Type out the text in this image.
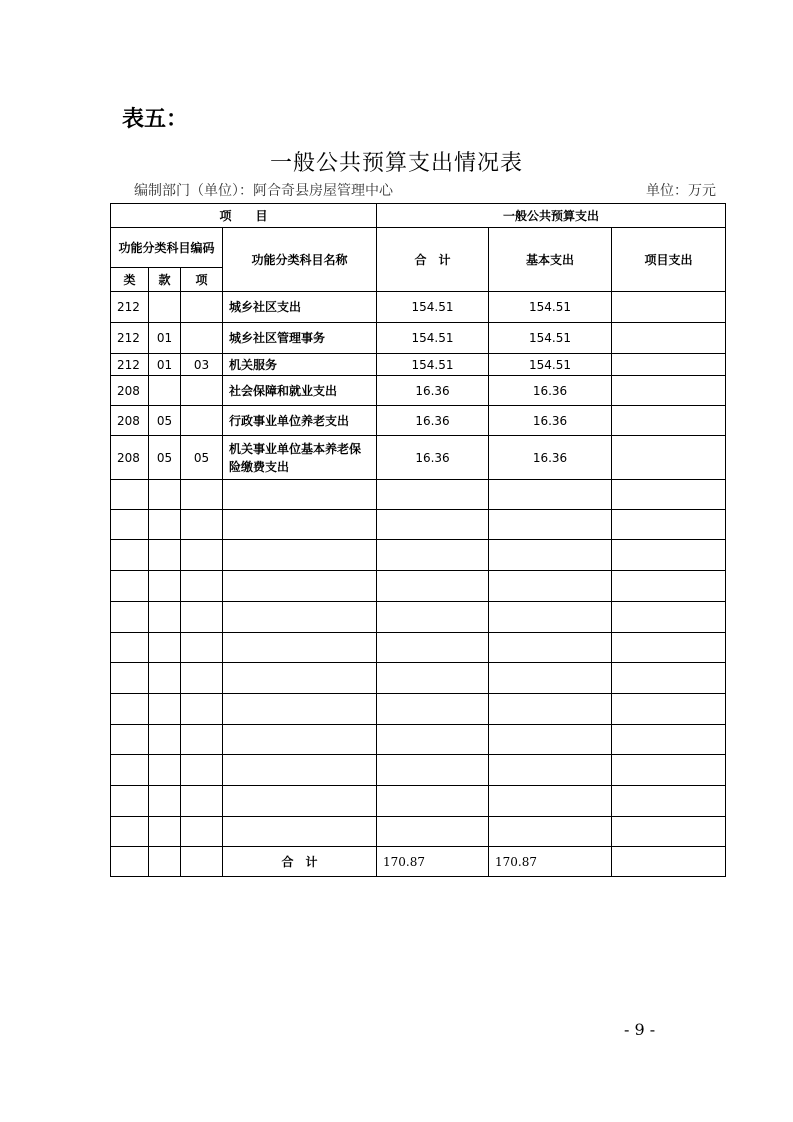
表五：
一般公共预算支出情况表
编制部门（单位）：阿合奇县房屋管理中心	单位：万元
项　　目				一般公共预算支出		
功能分类科目编码			功能分类科目名称	合　计	基本支出	项目支出
类	款	项				
212			城乡社区支出	154.51	154.51	
212	01		城乡社区管理事务	154.51	154.51	
212	01	03	机关服务	154.51	154.51	
208			社会保障和就业支出	16.36	16.36	
208	05		行政事业单位养老支出	16.36	16.36	
208	05	05	机关事业单位基本养老保险缴费支出	16.36	16.36	

			合　计	170.87	170.87	
- 9 -
